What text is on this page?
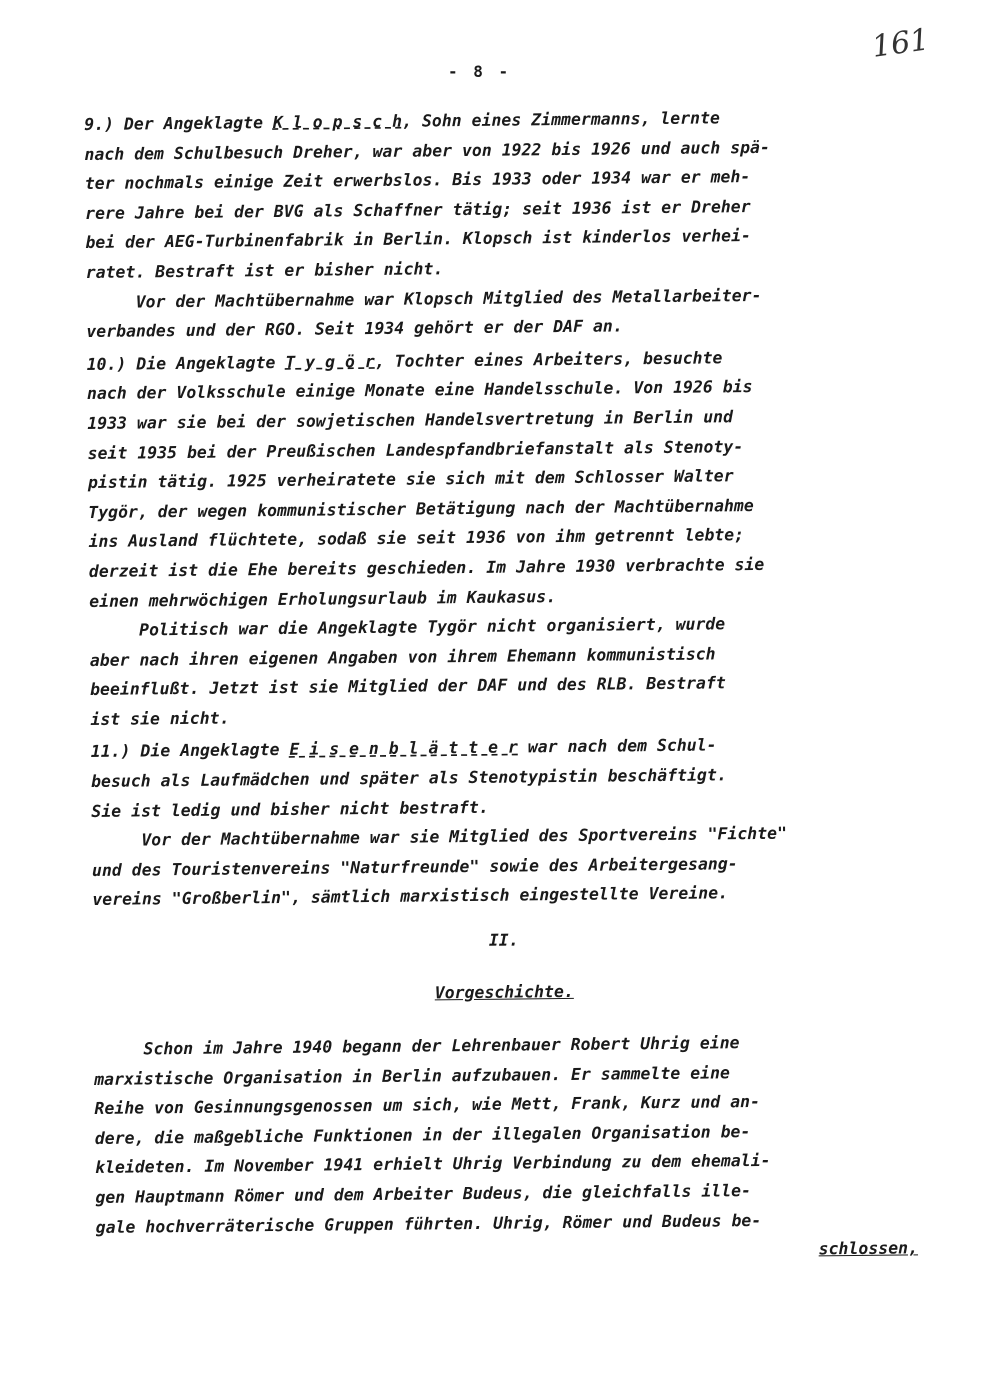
161
- 8 -
9.) Der Angeklagte K l o p s c h, Sohn eines Zimmermanns, lernte
nach dem Schulbesuch Dreher, war aber von 1922 bis 1926 und auch spä-
ter nochmals einige Zeit erwerbslos. Bis 1933 oder 1934 war er meh-
rere Jahre bei der BVG als Schaffner tätig; seit 1936 ist er Dreher
bei der AEG-Turbinenfabrik in Berlin. Klopsch ist kinderlos verhei-
ratet. Bestraft ist er bisher nicht.
Vor der Machtübernahme war Klopsch Mitglied des Metallarbeiter-
verbandes und der RGO. Seit 1934 gehört er der DAF an.
10.) Die Angeklagte T y g ö r, Tochter eines Arbeiters, besuchte
nach der Volksschule einige Monate eine Handelsschule. Von 1926 bis
1933 war sie bei der sowjetischen Handelsvertretung in Berlin und
seit 1935 bei der Preußischen Landespfandbriefanstalt als Stenoty-
pistin tätig. 1925 verheiratete sie sich mit dem Schlosser Walter
Tygör, der wegen kommunistischer Betätigung nach der Machtübernahme
ins Ausland flüchtete, sodaß sie seit 1936 von ihm getrennt lebte;
derzeit ist die Ehe bereits geschieden. Im Jahre 1930 verbrachte sie
einen mehrwöchigen Erholungsurlaub im Kaukasus.
Politisch war die Angeklagte Tygör nicht organisiert, wurde
aber nach ihren eigenen Angaben von ihrem Ehemann kommunistisch
beeinflußt. Jetzt ist sie Mitglied der DAF und des RLB. Bestraft
ist sie nicht.
11.) Die Angeklagte E i s e n b l ä t t e r war nach dem Schul-
besuch als Laufmädchen und später als Stenotypistin beschäftigt.
Sie ist ledig und bisher nicht bestraft.
Vor der Machtübernahme war sie Mitglied des Sportvereins "Fichte"
und des Touristenvereins "Naturfreunde" sowie des Arbeitergesang-
vereins "Großberlin", sämtlich marxistisch eingestellte Vereine.
II.
Vorgeschichte.
Schon im Jahre 1940 begann der Lehrenbauer Robert Uhrig eine
marxistische Organisation in Berlin aufzubauen. Er sammelte eine
Reihe von Gesinnungsgenossen um sich, wie Mett, Frank, Kurz und an-
dere, die maßgebliche Funktionen in der illegalen Organisation be-
kleideten. Im November 1941 erhielt Uhrig Verbindung zu dem ehemali-
gen Hauptmann Römer und dem Arbeiter Budeus, die gleichfalls ille-
gale hochverräterische Gruppen führten. Uhrig, Römer und Budeus be-
schlossen,
